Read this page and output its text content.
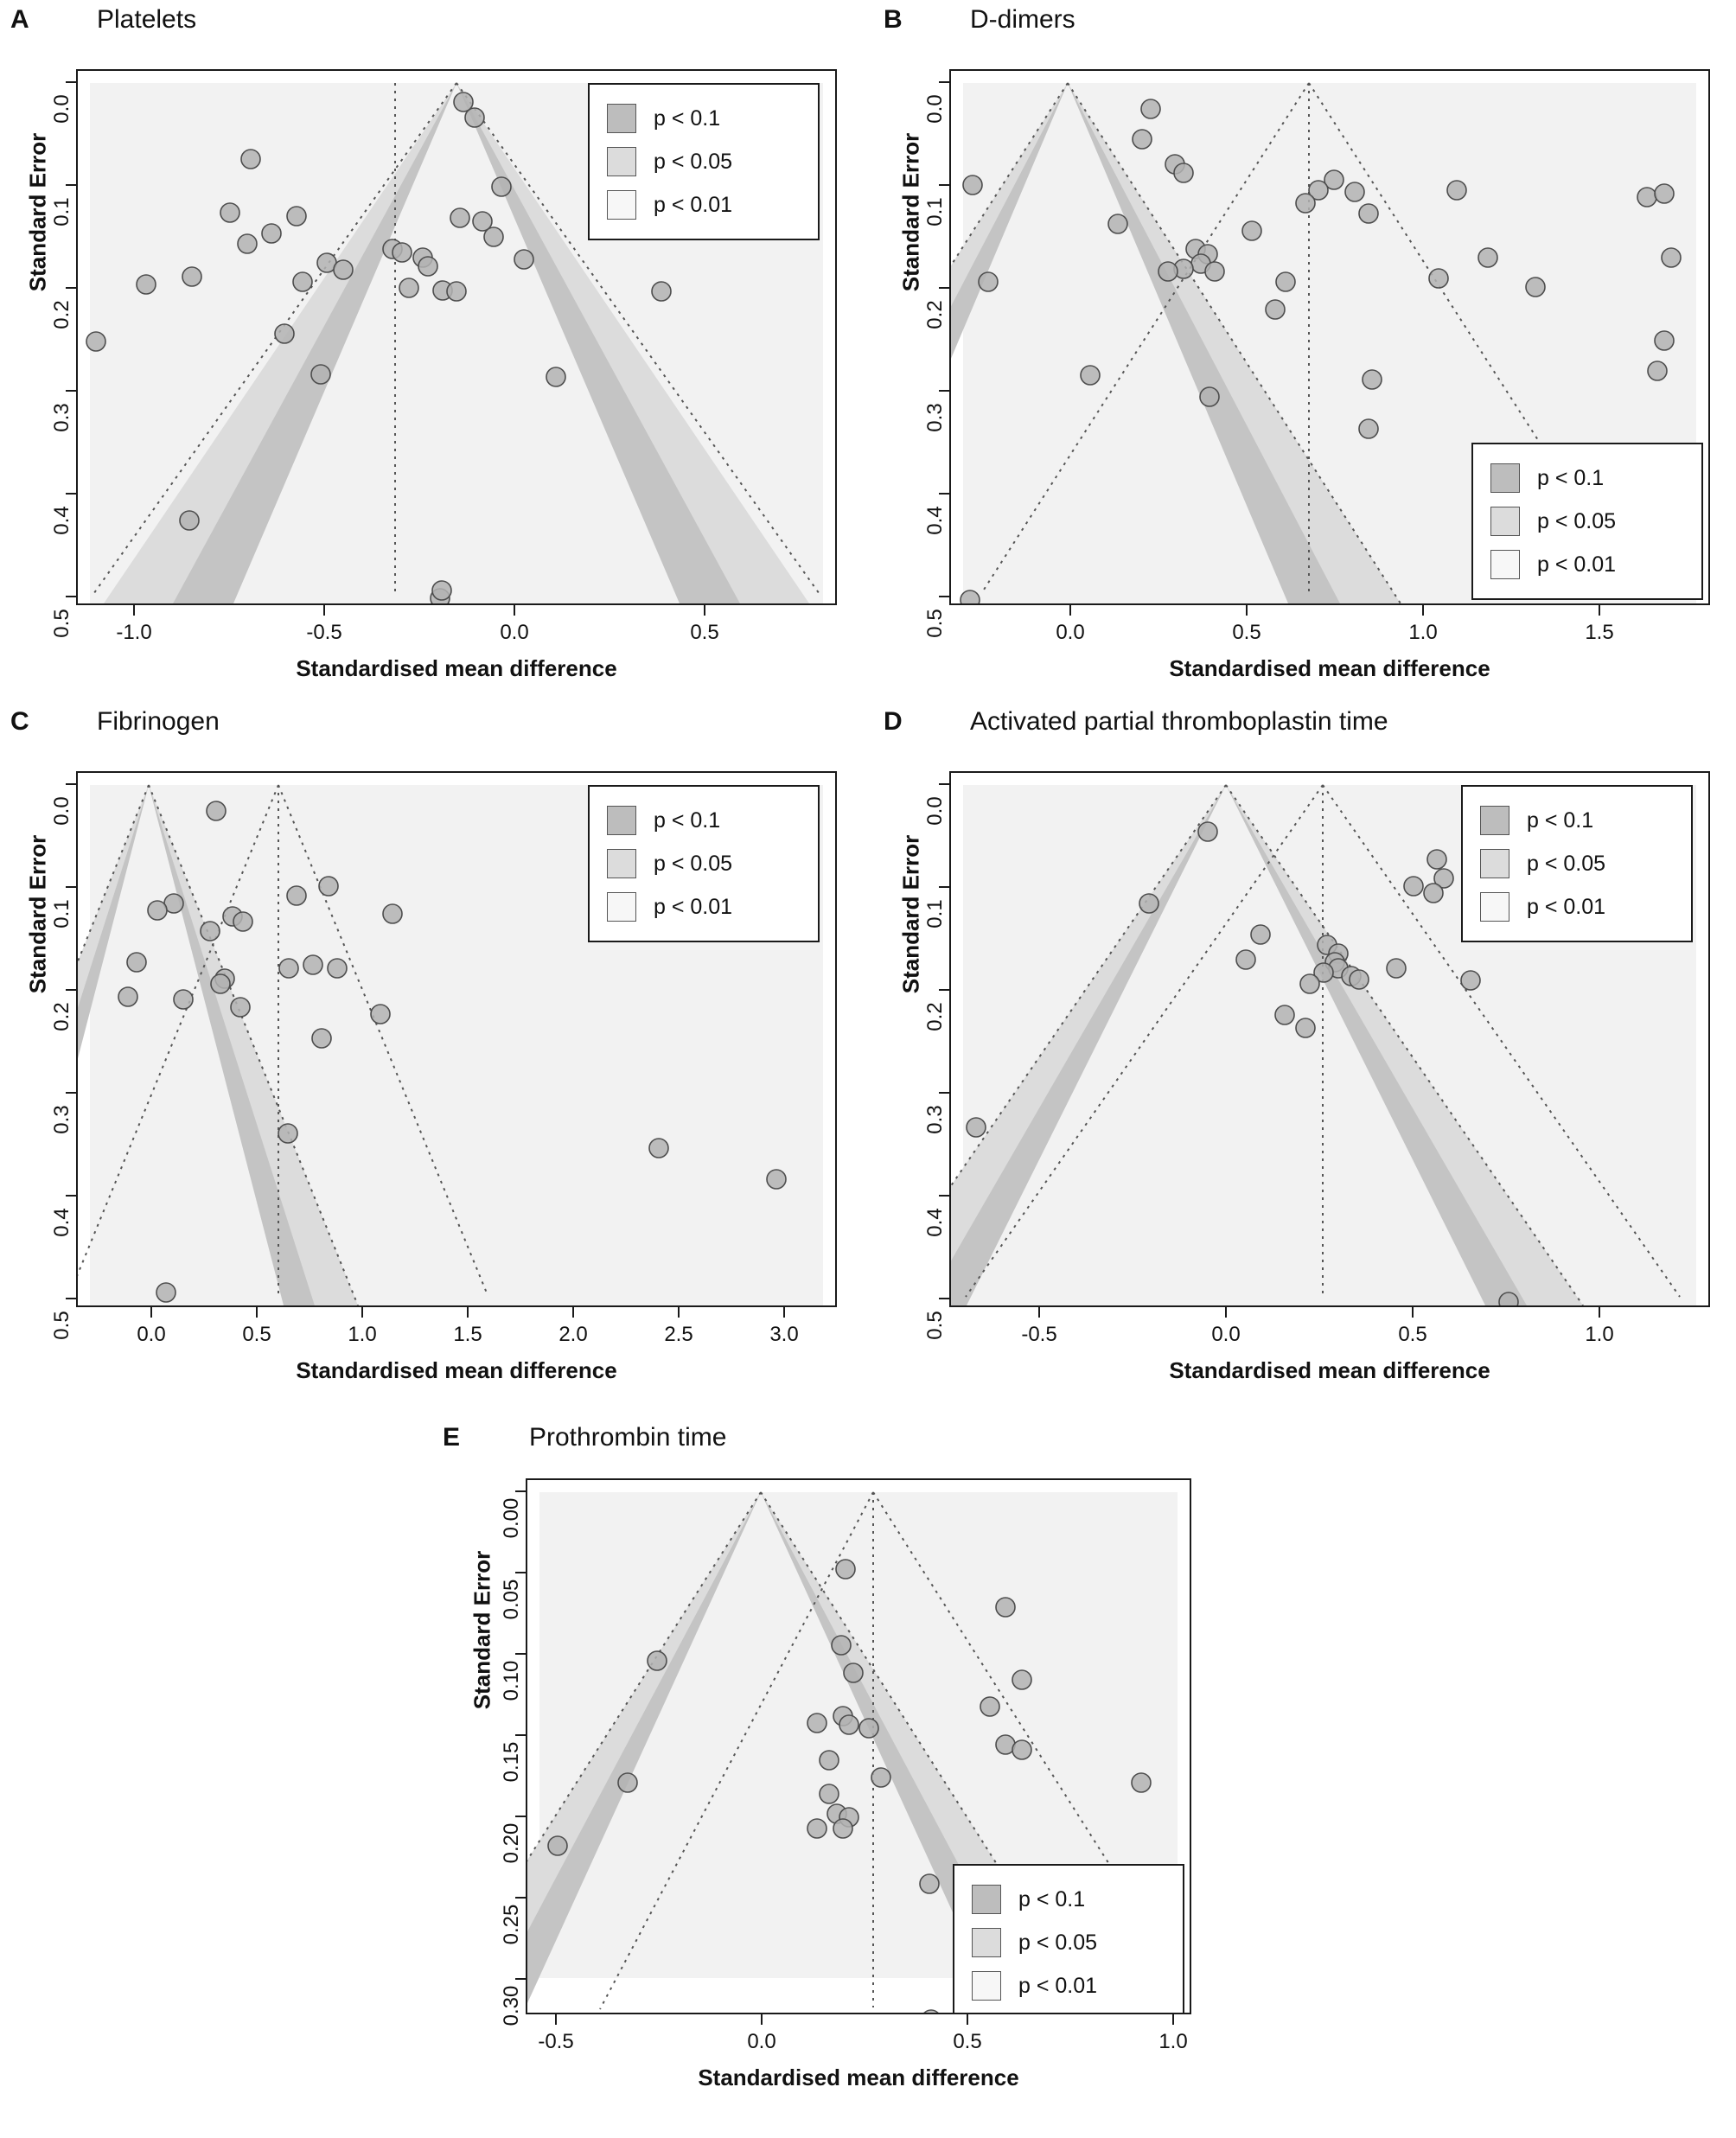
A	Platelets
Standard Error
p < 0.1
p < 0.05
p < 0.01
0.0
0.1
0.2
0.3
0.4
0.5 -1.0	-0.5	0.0	0.5
Standardised mean difference
B	D-dimers
Standard Error
p < 0.1
p < 0.05
p < 0.01
0.0
0.1
0.2
0.3
0.4
0.5	0.0	0.5	1.0	1.5
Standardised mean difference
C	Fibrinogen
Standard Error
p < 0.1
p < 0.05
p < 0.01
0.0
0.1
0.2
0.3
0.4
0.5	0.0	0.5	1.0	1.5	2.0	2.5	3.0
Standardised mean difference
D	Activated partial thromboplastin time
Standard Error
p < 0.1
p < 0.05
p < 0.01
0.0
0.1
0.2
0.3
0.4
0.5	-0.5	0.0	0.5	1.0
Standardised mean difference
E	Prothrombin time
Standard Error
p < 0.1
p < 0.05
p < 0.01
0.00
0.05
0.10
0.15
0.20
0.25
0.30
-0.5	0.0	0.5	1.0
Standardised mean difference
